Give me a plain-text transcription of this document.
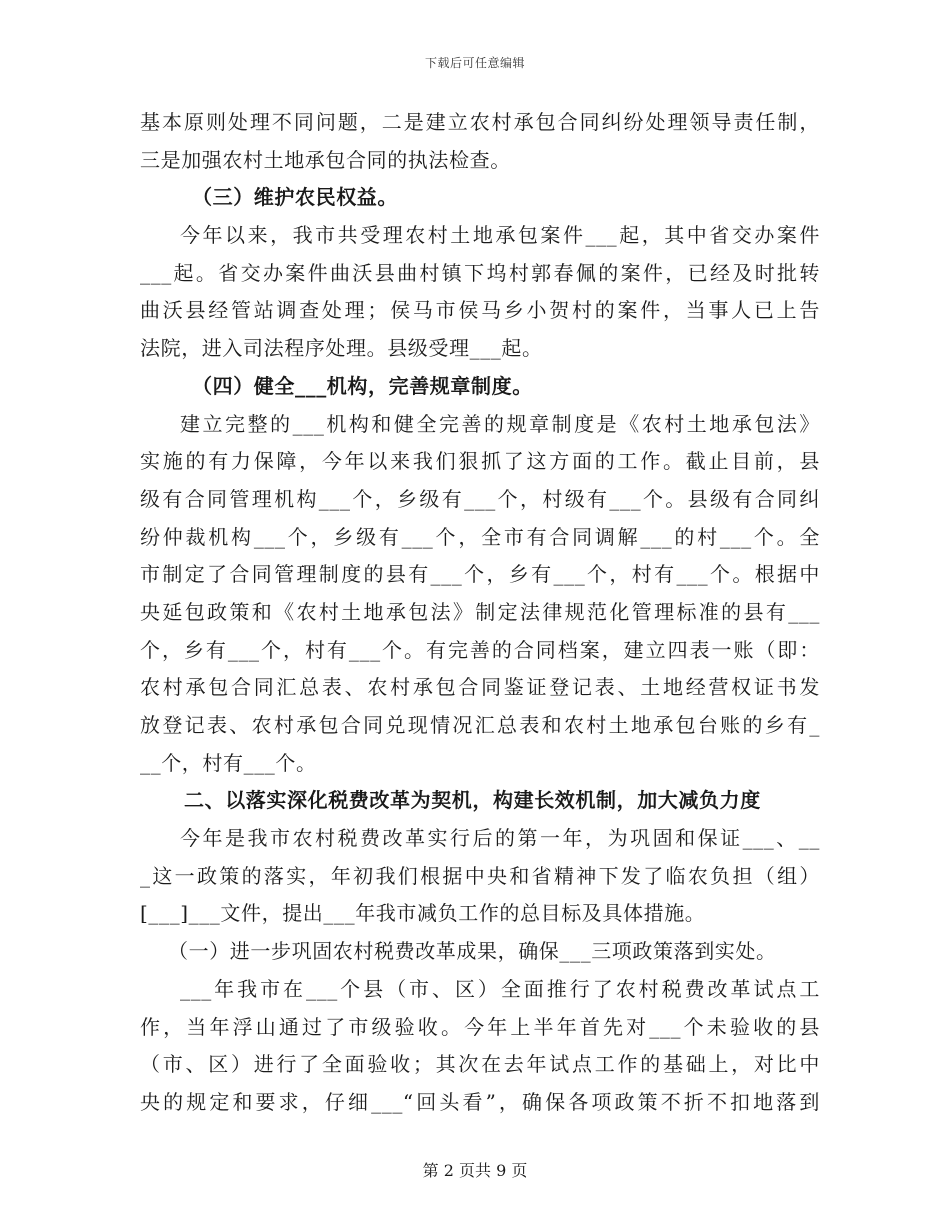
下载后可任意编辑
基本原则处理不同问题，二是建立农村承包合同纠纷处理领导责任制，
三是加强农村土地承包合同的执法检查。
（三）维护农民权益。
今年以来，我市共受理农村土地承包案件___起，其中省交办案件
___起。省交办案件曲沃县曲村镇下坞村郭春佩的案件，已经及时批转
曲沃县经管站调查处理；侯马市侯马乡小贺村的案件，当事人已上告
法院，进入司法程序处理。县级受理___起。
（四）健全___机构，完善规章制度。
建立完整的___机构和健全完善的规章制度是《农村土地承包法》
实施的有力保障，今年以来我们狠抓了这方面的工作。截止目前，县
级有合同管理机构___个，乡级有___个，村级有___个。县级有合同纠
纷仲裁机构___个，乡级有___个，全市有合同调解___的村___个。全
市制定了合同管理制度的县有___个，乡有___个，村有___个。根据中
央延包政策和《农村土地承包法》制定法律规范化管理标准的县有___
个，乡有___个，村有___个。有完善的合同档案，建立四表一账（即：
农村承包合同汇总表、农村承包合同鉴证登记表、土地经营权证书发
放登记表、农村承包合同兑现情况汇总表和农村土地承包台账的乡有_
__个，村有___个。
二、以落实深化税费改革为契机，构建长效机制，加大减负力度
今年是我市农村税费改革实行后的第一年，为巩固和保证___、__
_这一政策的落实，年初我们根据中央和省精神下发了临农负担（组）
[___]___文件，提出___年我市减负工作的总目标及具体措施。
（一）进一步巩固农村税费改革成果，确保___三项政策落到实处。
___年我市在___个县（市、区）全面推行了农村税费改革试点工
作，当年浮山通过了市级验收。今年上半年首先对___个未验收的县
（市、区）进行了全面验收；其次在去年试点工作的基础上，对比中
央的规定和要求，仔细___“回头看”，确保各项政策不折不扣地落到
第 2 页共 9 页
